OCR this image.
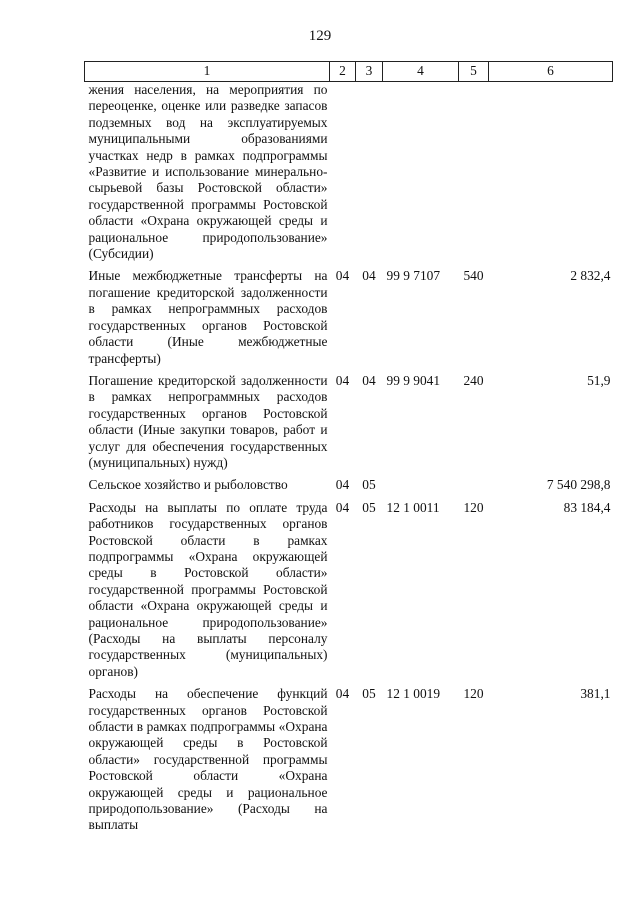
129
1	2	3	4	5	6
жения населения, на мероприятия по переоценке, оценке или разведке запасов подземных вод на эксплуатируемых муниципальными образованиями участках недр в рамках подпрограммы «Развитие и использование минерально-сырьевой базы Ростовской области» государственной программы Ростовской области «Охрана окружающей среды и рациональное природопользование» (Субсидии)					
Иные межбюджетные трансферты на погашение кредиторской задолженности в рамках непрограммных расходов государственных органов Ростовской области (Иные межбюджетные трансферты)	04	04	99 9 7107	540	2 832,4
Погашение кредиторской задолженности в рамках непрограммных расходов государственных органов Ростовской области (Иные закупки товаров, работ и услуг для обеспечения государственных (муниципальных) нужд)	04	04	99 9 9041	240	51,9
Сельское хозяйство и рыболовство	04	05			7 540 298,8
Расходы на выплаты по оплате труда работников государственных органов Ростовской области в рамках подпрограммы «Охрана окружающей среды в Ростовской области» государственной программы Ростовской области «Охрана окружающей среды и рациональное природопользование» (Расходы на выплаты персоналу государственных (муниципальных) органов)	04	05	12 1 0011	120	83 184,4
Расходы на обеспечение функций государственных органов Ростовской области в рамках подпрограммы «Охрана окружающей среды в Ростовской области» государственной программы Ростовской области «Охрана окружающей среды и рациональное природопользование» (Расходы на выплаты	04	05	12 1 0019	120	381,1
